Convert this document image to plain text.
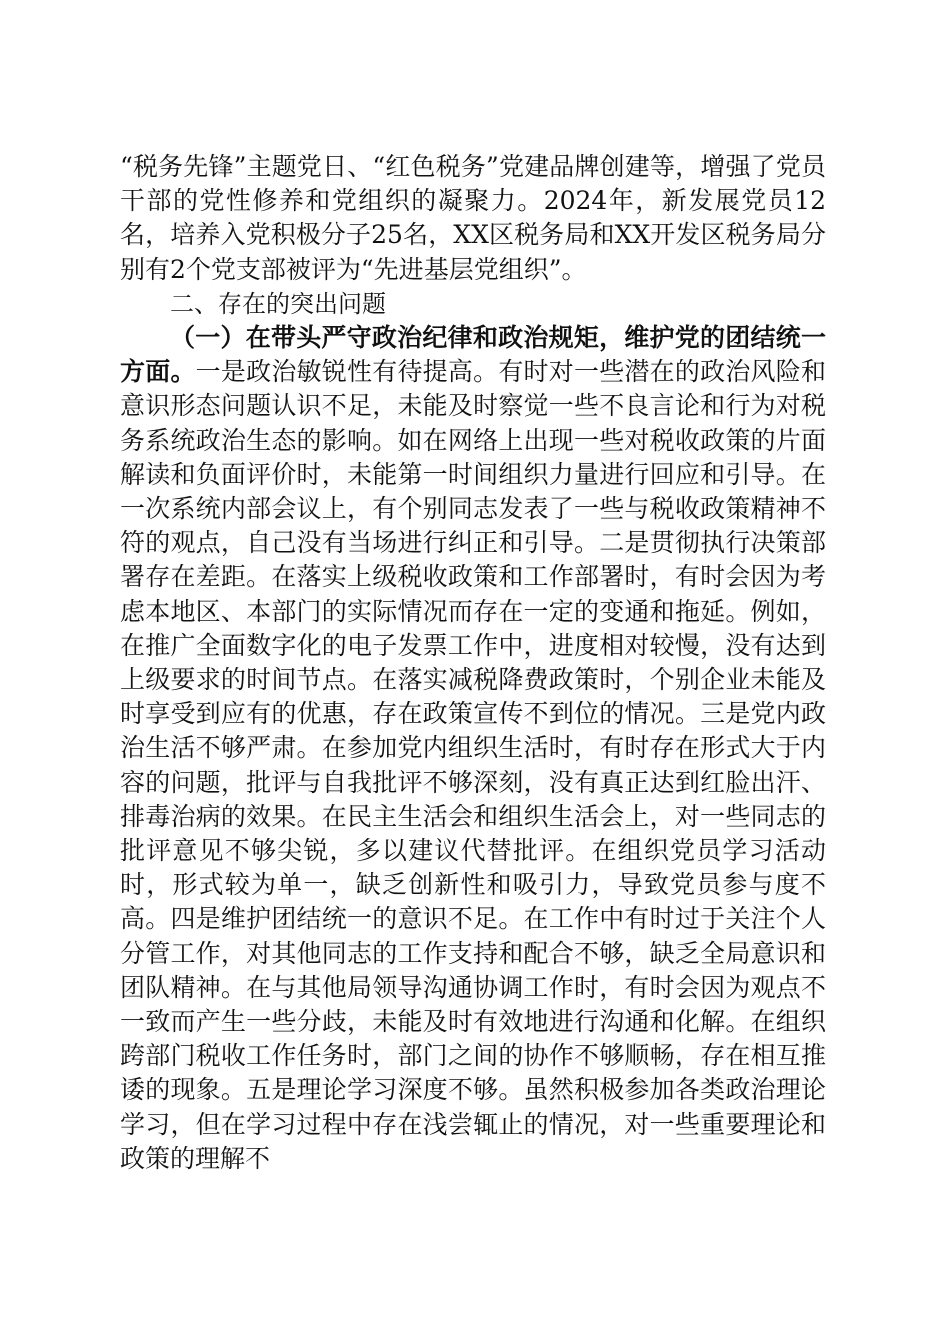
“税务先锋”主题党日、“红色税务”党建品牌创建等，增强了党员干部的党性修养和党组织的凝聚力。2024年，新发展党员12名，培养入党积极分子25名，XX区税务局和XX开发区税务局分别有2个党支部被评为“先进基层党组织”。

二、存在的突出问题

（一）在带头严守政治纪律和政治规矩，维护党的团结统一方面。一是政治敏锐性有待提高。有时对一些潜在的政治风险和意识形态问题认识不足，未能及时察觉一些不良言论和行为对税务系统政治生态的影响。如在网络上出现一些对税收政策的片面解读和负面评价时，未能第一时间组织力量进行回应和引导。在一次系统内部会议上，有个别同志发表了一些与税收政策精神不符的观点，自己没有当场进行纠正和引导。二是贯彻执行决策部署存在差距。在落实上级税收政策和工作部署时，有时会因为考虑本地区、本部门的实际情况而存在一定的变通和拖延。例如，在推广全面数字化的电子发票工作中，进度相对较慢，没有达到上级要求的时间节点。在落实减税降费政策时，个别企业未能及时享受到应有的优惠，存在政策宣传不到位的情况。三是党内政治生活不够严肃。在参加党内组织生活时，有时存在形式大于内容的问题，批评与自我批评不够深刻，没有真正达到红脸出汗、排毒治病的效果。在民主生活会和组织生活会上，对一些同志的批评意见不够尖锐，多以建议代替批评。在组织党员学习活动时，形式较为单一，缺乏创新性和吸引力，导致党员参与度不高。四是维护团结统一的意识不足。在工作中有时过于关注个人分管工作，对其他同志的工作支持和配合不够，缺乏全局意识和团队精神。在与其他局领导沟通协调工作时，有时会因为观点不一致而产生一些分歧，未能及时有效地进行沟通和化解。在组织跨部门税收工作任务时，部门之间的协作不够顺畅，存在相互推诿的现象。五是理论学习深度不够。虽然积极参加各类政治理论学习，但在学习过程中存在浅尝辄止的情况，对一些重要理论和政策的理解不
